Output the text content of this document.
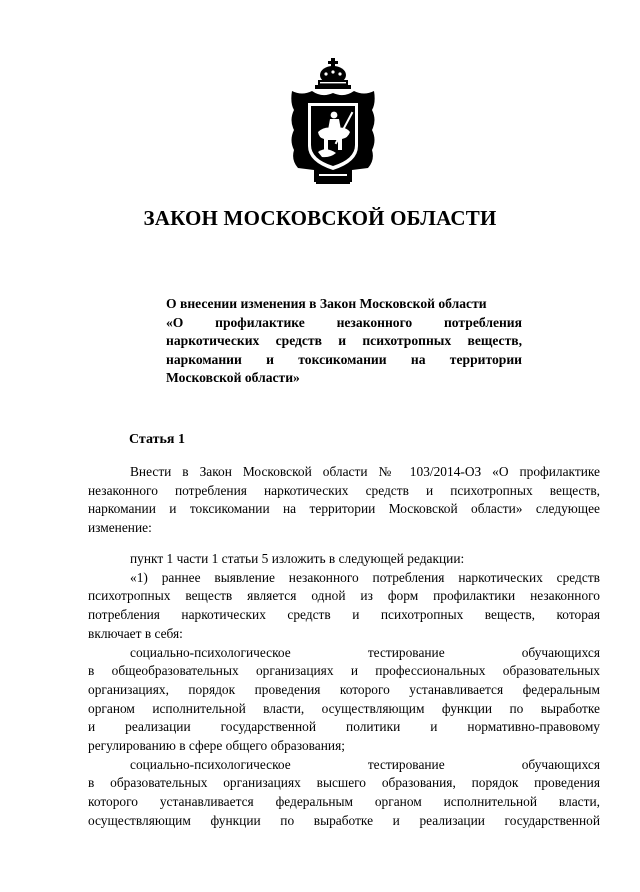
ЗАКОН МОСКОВСКОЙ ОБЛАСТИ
О внесении изменения в Закон Московской области
«О профилактике незаконного потребления
наркотических средств и психотропных веществ,
наркомании и токсикомании на территории
Московской области»
Статья 1
Внести в Закон Московской области № 103/2014-ОЗ «О профилактике
незаконного потребления наркотических средств и психотропных веществ,
наркомании и токсикомании на территории Московской области» следующее
изменение:
пункт 1 части 1 статьи 5 изложить в следующей редакции:
«1) раннее выявление незаконного потребления наркотических средств
психотропных веществ является одной из форм профилактики незаконного
потребления наркотических средств и психотропных веществ, которая
включает в себя:
социально-психологическое тестирование обучающихся
в общеобразовательных организациях и профессиональных образовательных
организациях, порядок проведения которого устанавливается федеральным
органом исполнительной власти, осуществляющим функции по выработке
и реализации государственной политики и нормативно-правовому
регулированию в сфере общего образования;
социально-психологическое тестирование обучающихся
в образовательных организациях высшего образования, порядок проведения
которого устанавливается федеральным органом исполнительной власти,
осуществляющим функции по выработке и реализации государственной
